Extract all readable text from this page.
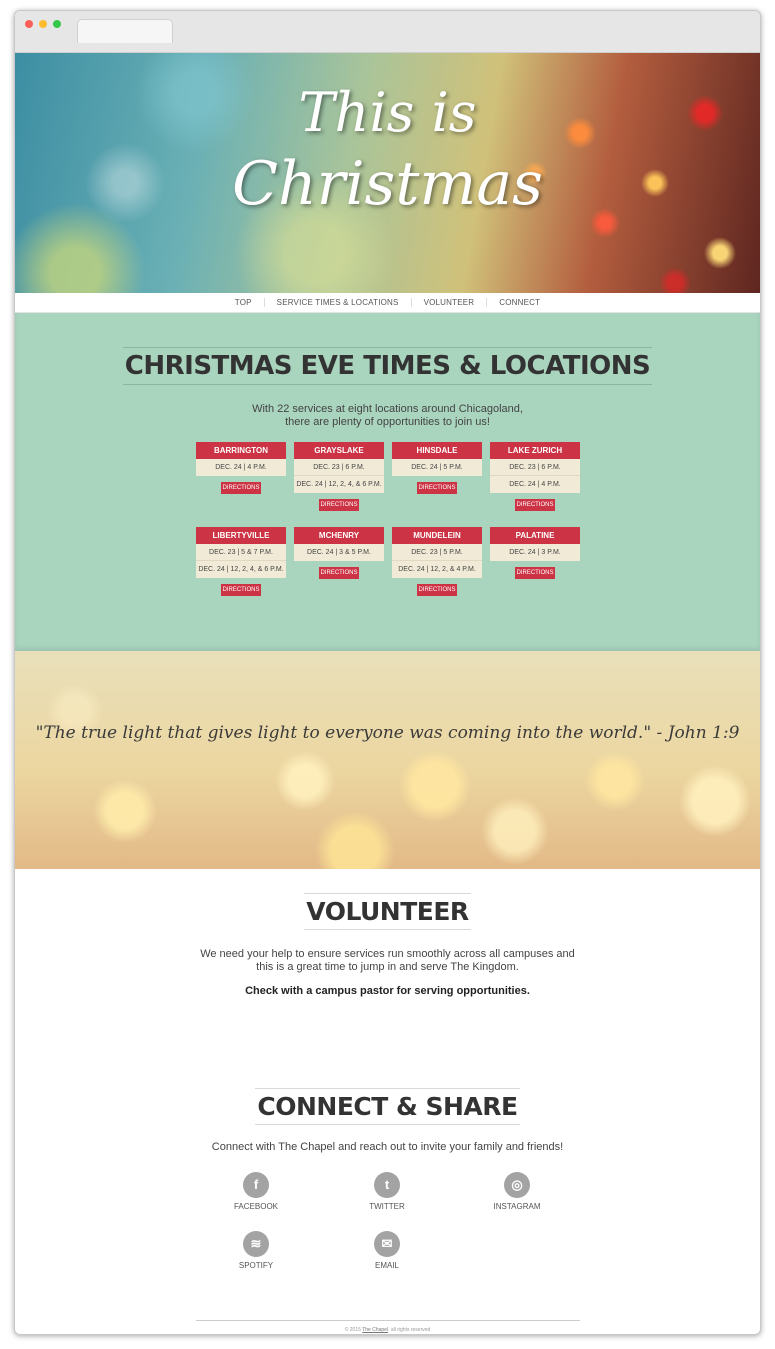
This is
Christmas
TOP	SERVICE TIMES & LOCATIONS	VOLUNTEER	CONNECT
CHRISTMAS EVE TIMES & LOCATIONS
With 22 services at eight locations around Chicagoland,
there are plenty of opportunities to join us!
BARRINGTON
DEC. 24 | 4 P.M.
DIRECTIONS
GRAYSLAKE
DEC. 23 | 6 P.M.
DEC. 24 | 12, 2, 4, & 6 P.M.
DIRECTIONS
HINSDALE
DEC. 24 | 5 P.M.
DIRECTIONS
LAKE ZURICH
DEC. 23 | 6 P.M.
DEC. 24 | 4 P.M.
DIRECTIONS
LIBERTYVILLE
DEC. 23 | 5 & 7 P.M.
DEC. 24 | 12, 2, 4, & 6 P.M.
DIRECTIONS
MCHENRY
DEC. 24 | 3 & 5 P.M.
DIRECTIONS
MUNDELEIN
DEC. 23 | 5 P.M.
DEC. 24 | 12, 2, & 4 P.M.
DIRECTIONS
PALATINE
DEC. 24 | 3 P.M.
DIRECTIONS
"The true light that gives light to everyone was coming into the world." - John 1:9
VOLUNTEER
We need your help to ensure services run smoothly across all campuses and
this is a great time to jump in and serve The Kingdom.
Check with a campus pastor for serving opportunities.
CONNECT & SHARE
Connect with The Chapel and reach out to invite your family and friends!
f
FACEBOOK
t
TWITTER
◎
INSTAGRAM
≋
SPOTIFY
✉
EMAIL
© 2015 The Chapel. all rights reserved
